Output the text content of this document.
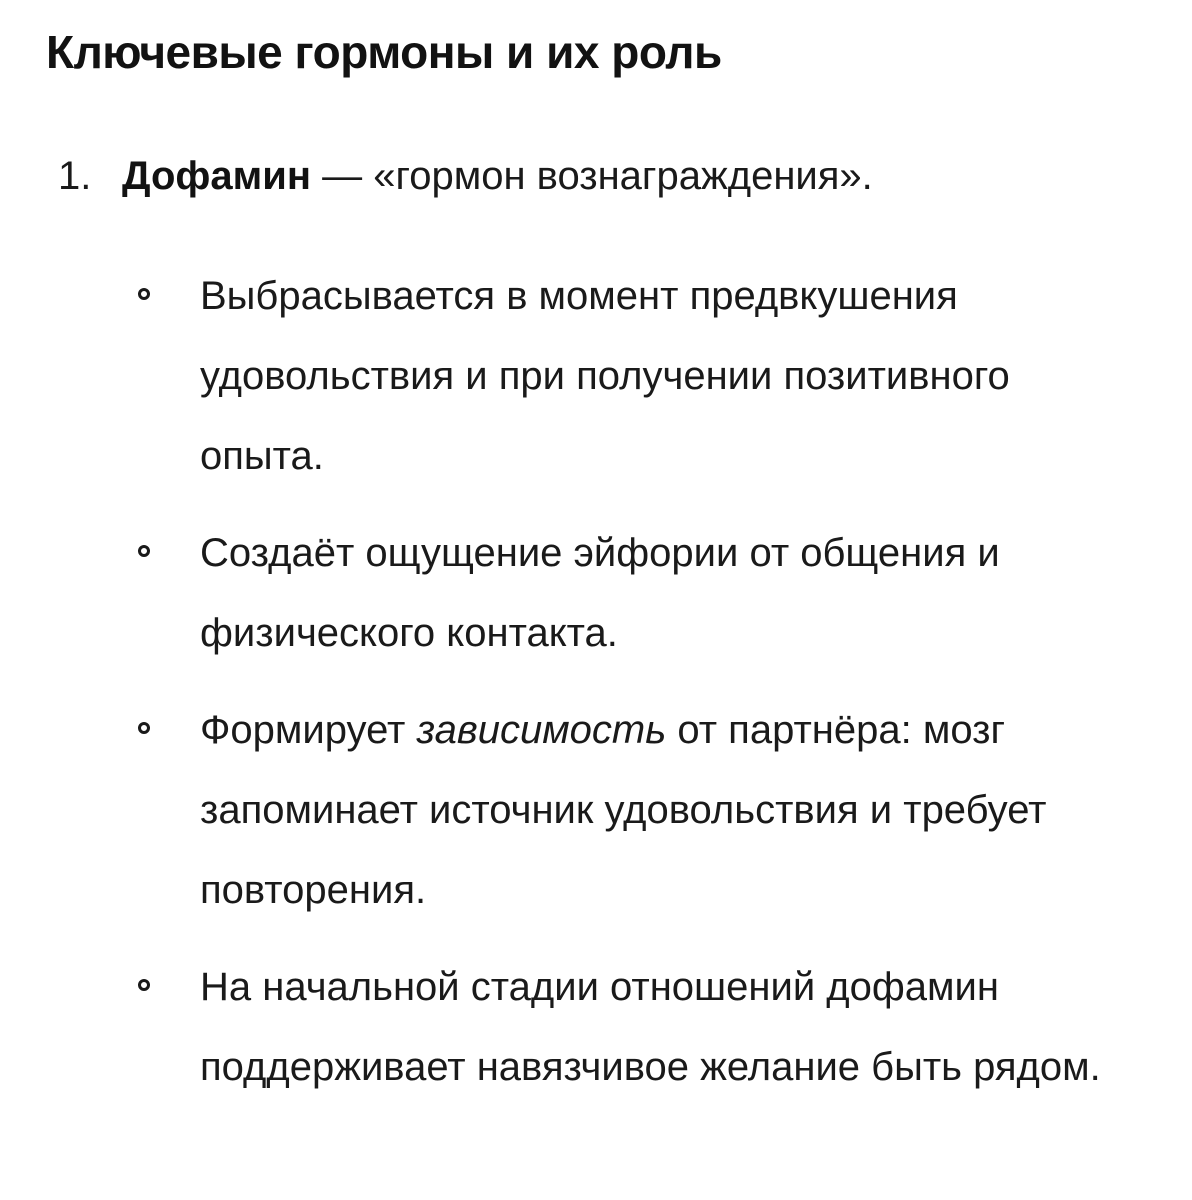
Ключевые гормоны и их роль
1. Дофамин — «гормон вознаграждения».
Выбрасывается в момент предвкушения удовольствия и при получении позитивного опыта.
Создаёт ощущение эйфории от общения и физического контакта.
Формирует зависимость от партнёра: мозг запоминает источник удовольствия и требует повторения.
На начальной стадии отношений дофамин поддерживает навязчивое желание быть рядом.
